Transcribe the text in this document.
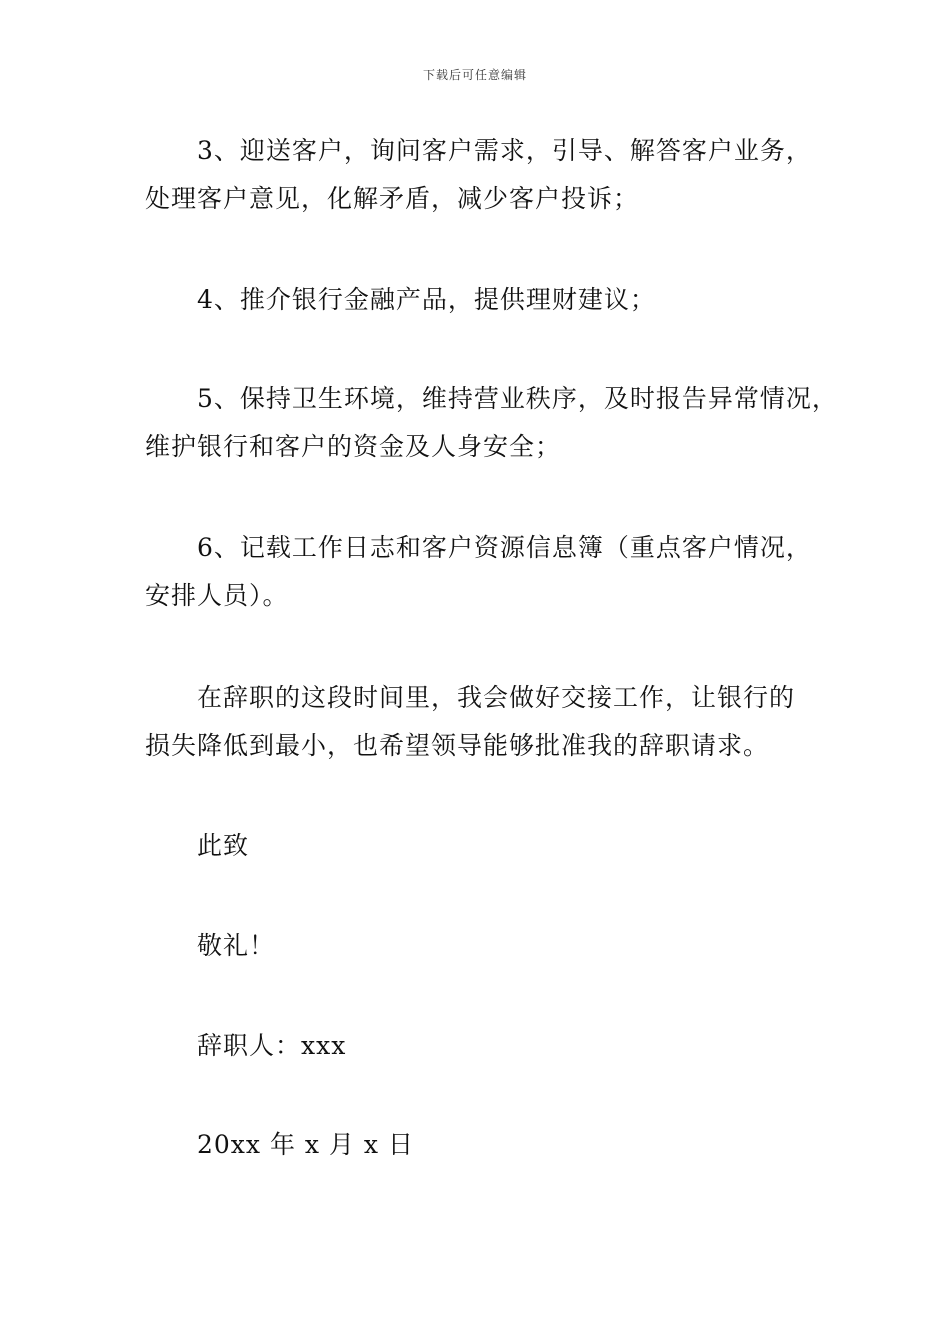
下载后可任意编辑
3、迎送客户，询问客户需求，引导、解答客户业务，
处理客户意见，化解矛盾，减少客户投诉；
4、推介银行金融产品，提供理财建议；
5、保持卫生环境，维持营业秩序，及时报告异常情况，
维护银行和客户的资金及人身安全；
6、记载工作日志和客户资源信息簿（重点客户情况，
安排人员）。
在辞职的这段时间里，我会做好交接工作，让银行的
损失降低到最小，也希望领导能够批准我的辞职请求。
此致
敬礼！
辞职人：xxx
20xx 年 x 月 x 日
